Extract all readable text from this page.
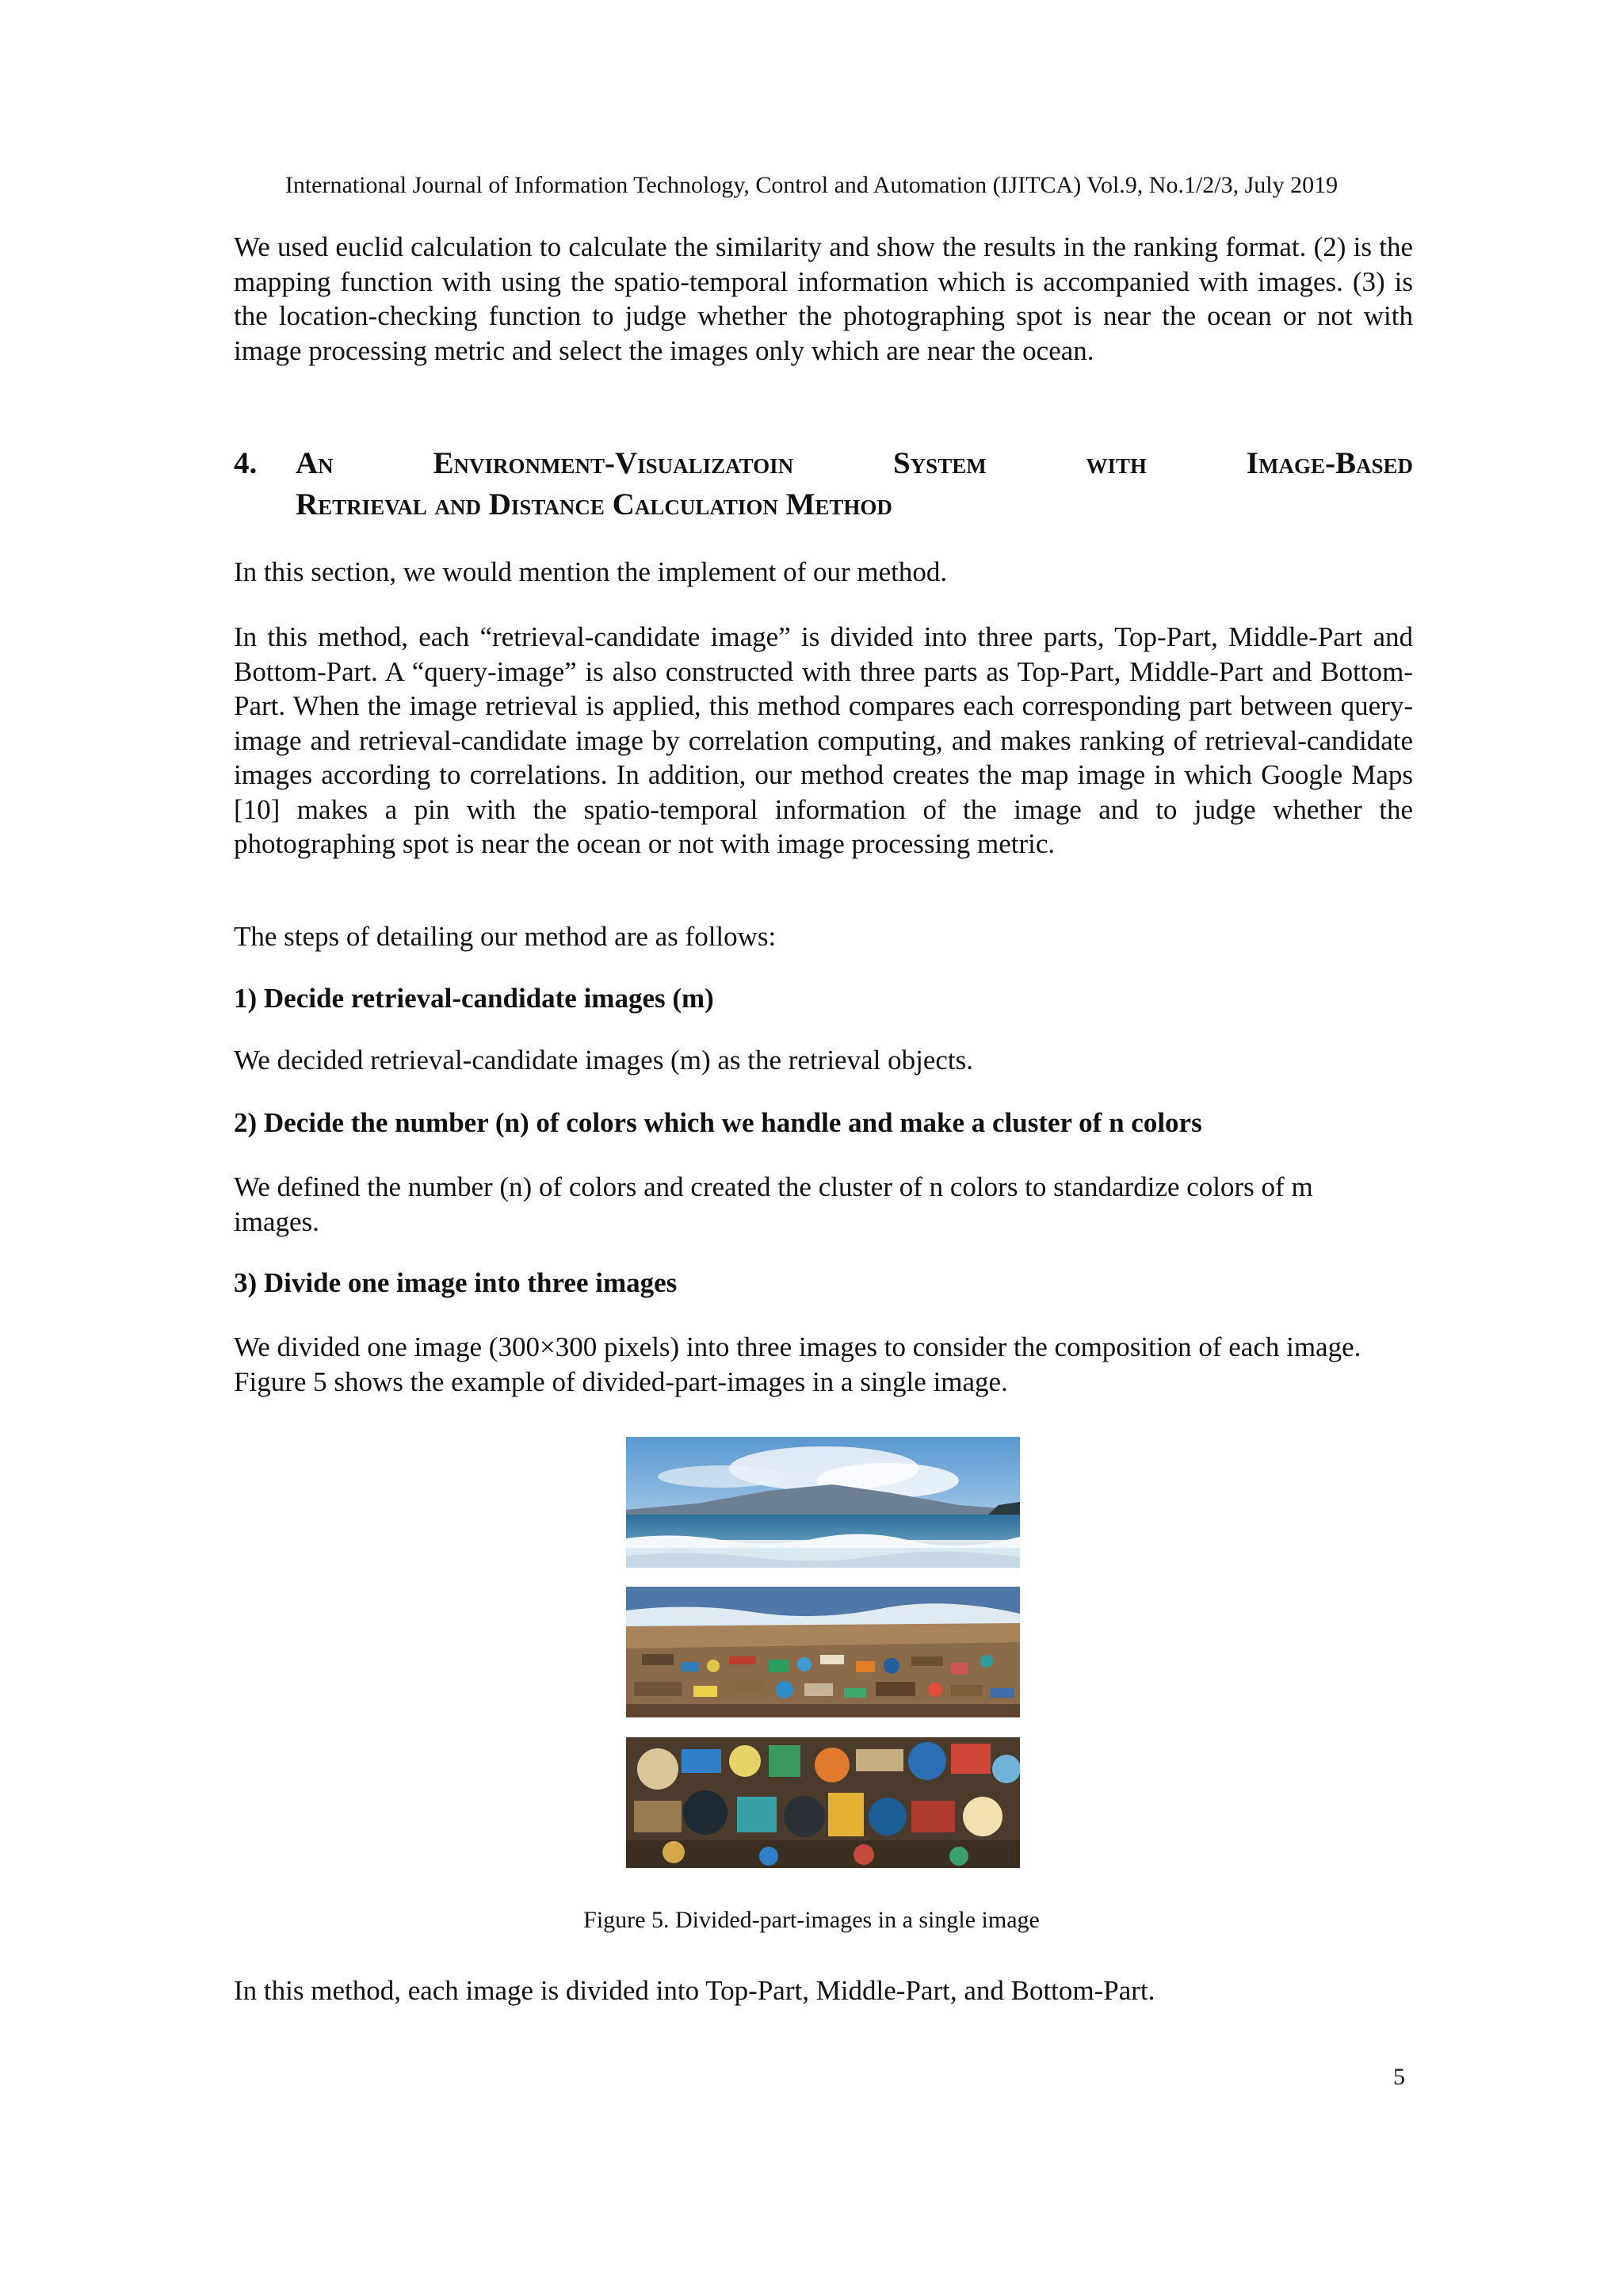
International Journal of Information Technology, Control and Automation (IJITCA) Vol.9, No.1/2/3, July 2019

We used euclid calculation to calculate the similarity and show the results in the ranking format. (2) is the mapping function with using the spatio-temporal information which is accompanied with images. (3) is the location-checking function to judge whether the photographing spot is near the ocean or not with image processing metric and select the images only which are near the ocean.

4. An	Environment-Visualizatoin	System	with	Image-Based
Retrieval and Distance Calculation Method

In this section, we would mention the implement of our method.

In this method, each “retrieval-candidate image” is divided into three parts, Top-Part, Middle-Part and Bottom-Part. A “query-image” is also constructed with three parts as Top-Part, Middle-Part and Bottom-Part. When the image retrieval is applied, this method compares each corresponding part between query-image and retrieval-candidate image by correlation computing, and makes ranking of retrieval-candidate images according to correlations. In addition, our method creates the map image in which Google Maps [10] makes a pin with the spatio-temporal information of the image and to judge whether the photographing spot is near the ocean or not with image processing metric.

The steps of detailing our method are as follows:

1) Decide retrieval-candidate images (m)

We decided retrieval-candidate images (m) as the retrieval objects.

2) Decide the number (n) of colors which we handle and make a cluster of n colors

We defined the number (n) of colors and created the cluster of n colors to standardize colors of m images.

3) Divide one image into three images

We divided one image (300×300 pixels) into three images to consider the composition of each image. Figure 5 shows the example of divided-part-images in a single image.

Figure 5. Divided-part-images in a single image

In this method, each image is divided into Top-Part, Middle-Part, and Bottom-Part.

5
